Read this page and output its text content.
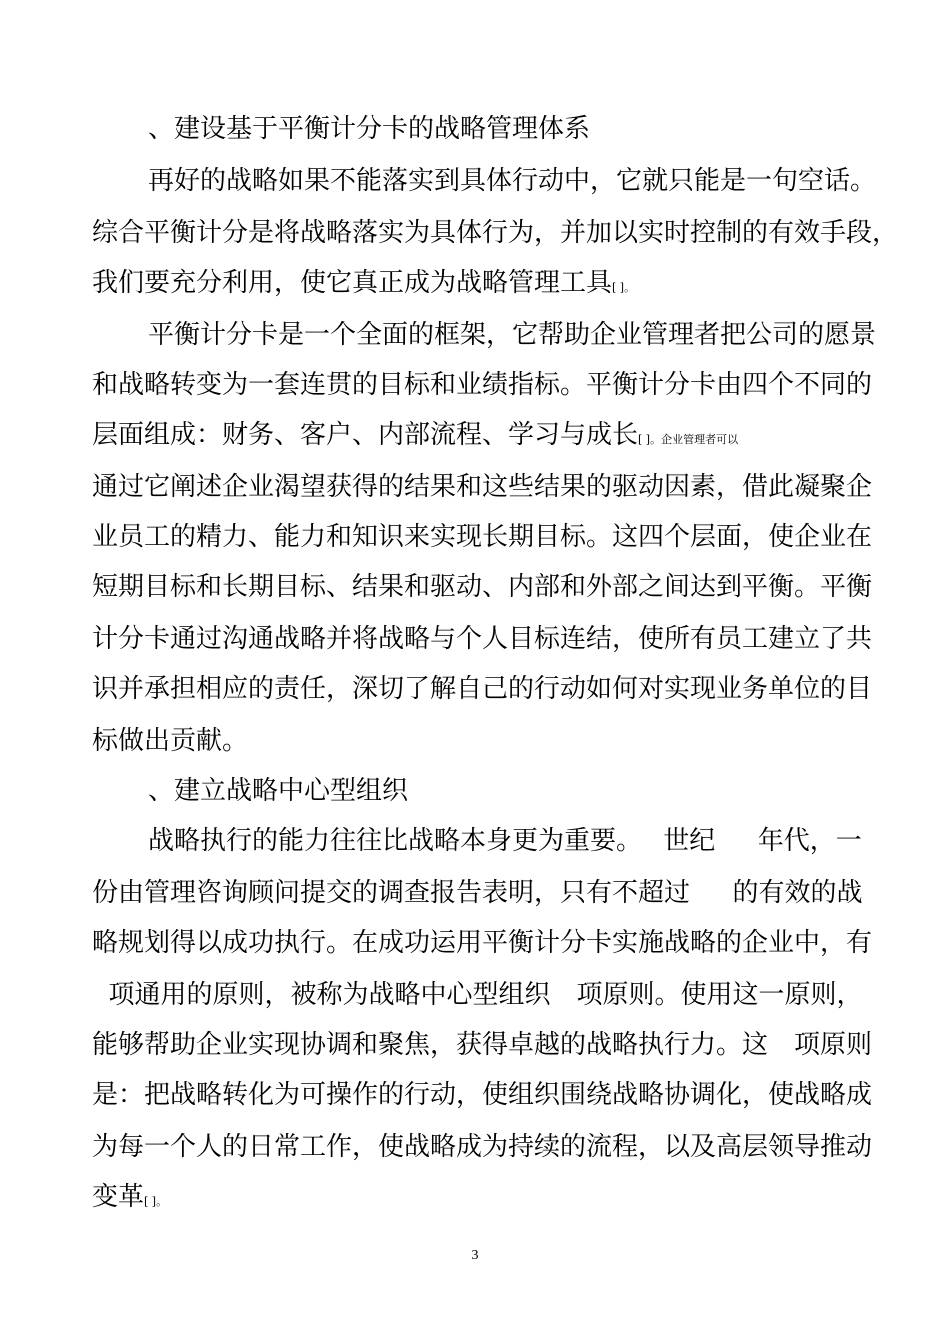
、建设基于平衡计分卡的战略管理体系
再好的战略如果不能落实到具体行动中，它就只能是一句空话。
综合平衡计分是将战略落实为具体行为，并加以实时控制的有效手段，
我们要充分利用，使它真正成为战略管理工具[ ]。
平衡计分卡是一个全面的框架，它帮助企业管理者把公司的愿景
和战略转变为一套连贯的目标和业绩指标。平衡计分卡由四个不同的
层面组成：财务、客户、内部流程、学习与成长[ ]。企业管理者可以
通过它阐述企业渴望获得的结果和这些结果的驱动因素，借此凝聚企
业员工的精力、能力和知识来实现长期目标。这四个层面，使企业在
短期目标和长期目标、结果和驱动、内部和外部之间达到平衡。平衡
计分卡通过沟通战略并将战略与个人目标连结，使所有员工建立了共
识并承担相应的责任，深切了解自己的行动如何对实现业务单位的目
标做出贡献。
、建立战略中心型组织
战略执行的能力往往比战略本身更为重要。　 世纪　  年代，一
份由管理咨询顾问提交的调查报告表明，只有不超过　  的有效的战
略规划得以成功执行。在成功运用平衡计分卡实施战略的企业中，有
项通用的原则，被称为战略中心型组织　项原则。使用这一原则，
能够帮助企业实现协调和聚焦，获得卓越的战略执行力。这　项原则
是：把战略转化为可操作的行动，使组织围绕战略协调化，使战略成
为每一个人的日常工作，使战略成为持续的流程，以及高层领导推动
变革[ ]。
3
